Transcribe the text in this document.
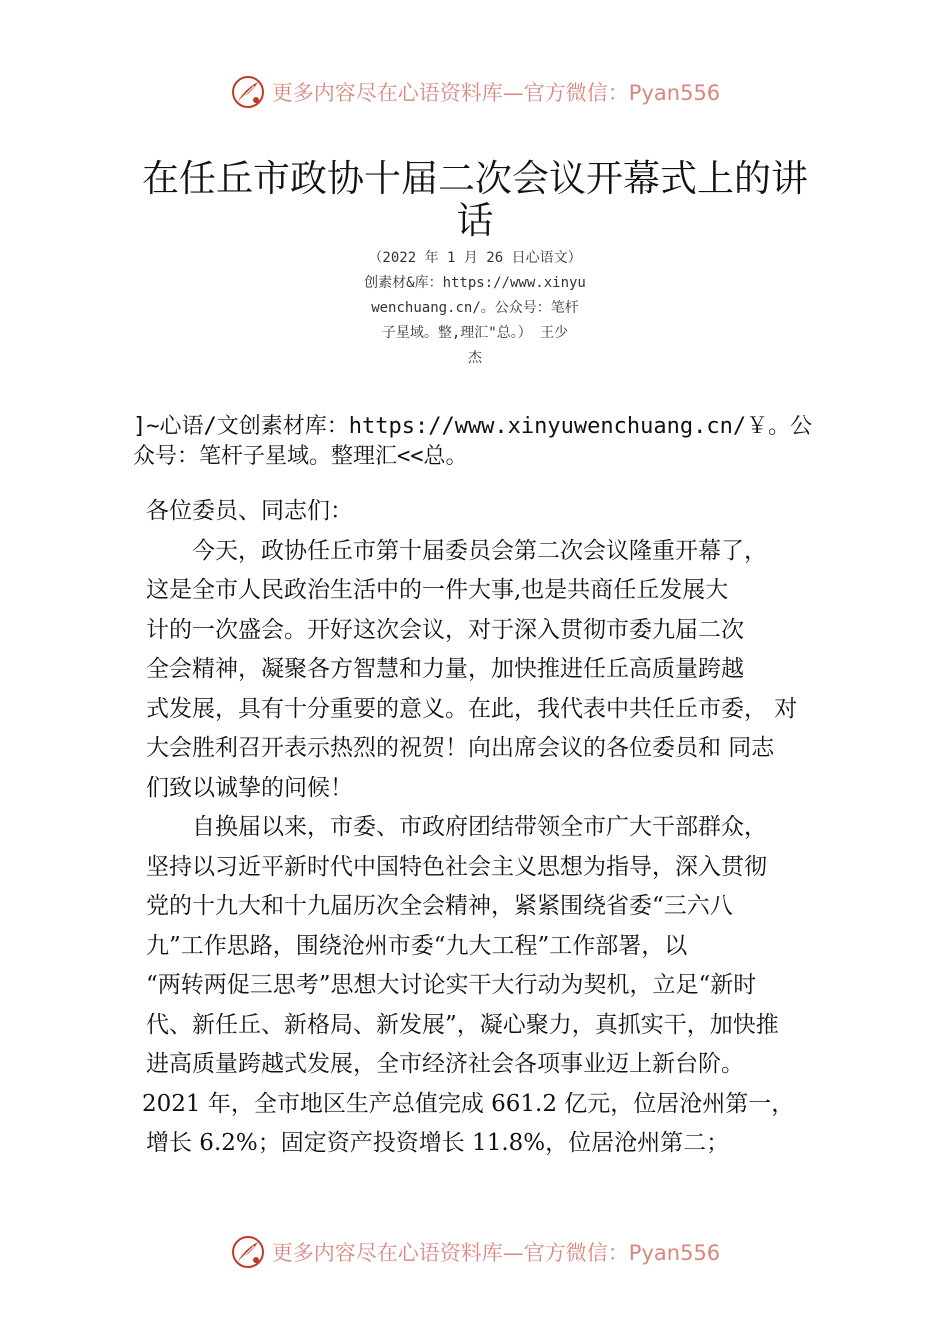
更多内容尽在心语资料库—官方微信：Pyan556
在任丘市政协十届二次会议开幕式上的讲
话
（2022 年 1 月 26 日心语文）
创素材&库：https://www.xinyu
wenchuang.cn/。公众号：笔杆
子星域。整,理汇"总。） 王少
杰
]~心语/文创素材库：https://www.xinyuwenchuang.cn/￥。公
众号：笔杆子星域。整理汇<<总。
各位委员、同志们：
今天，政协任丘市第十届委员会第二次会议隆重开幕了，
这是全市人民政治生活中的一件大事,也是共商任丘发展大
计的一次盛会。开好这次会议，对于深入贯彻市委九届二次
全会精神，凝聚各方智慧和力量，加快推进任丘高质量跨越
式发展，具有十分重要的意义。在此，我代表中共任丘市委， 对
大会胜利召开表示热烈的祝贺！向出席会议的各位委员和 同志
们致以诚挚的问候！
自换届以来，市委、市政府团结带领全市广大干部群众，
坚持以习近平新时代中国特色社会主义思想为指导，深入贯彻
党的十九大和十九届历次全会精神，紧紧围绕省委“三六八
九”工作思路，围绕沧州市委“九大工程”工作部署，以
“两转两促三思考”思想大讨论实干大行动为契机，立足“新时
代、新任丘、新格局、新发展”，凝心聚力，真抓实干，加快推
进高质量跨越式发展，全市经济社会各项事业迈上新台阶。
2021 年，全市地区生产总值完成 661.2 亿元，位居沧州第一，
增长 6.2%；固定资产投资增长 11.8%，位居沧州第二；
更多内容尽在心语资料库—官方微信：Pyan556
